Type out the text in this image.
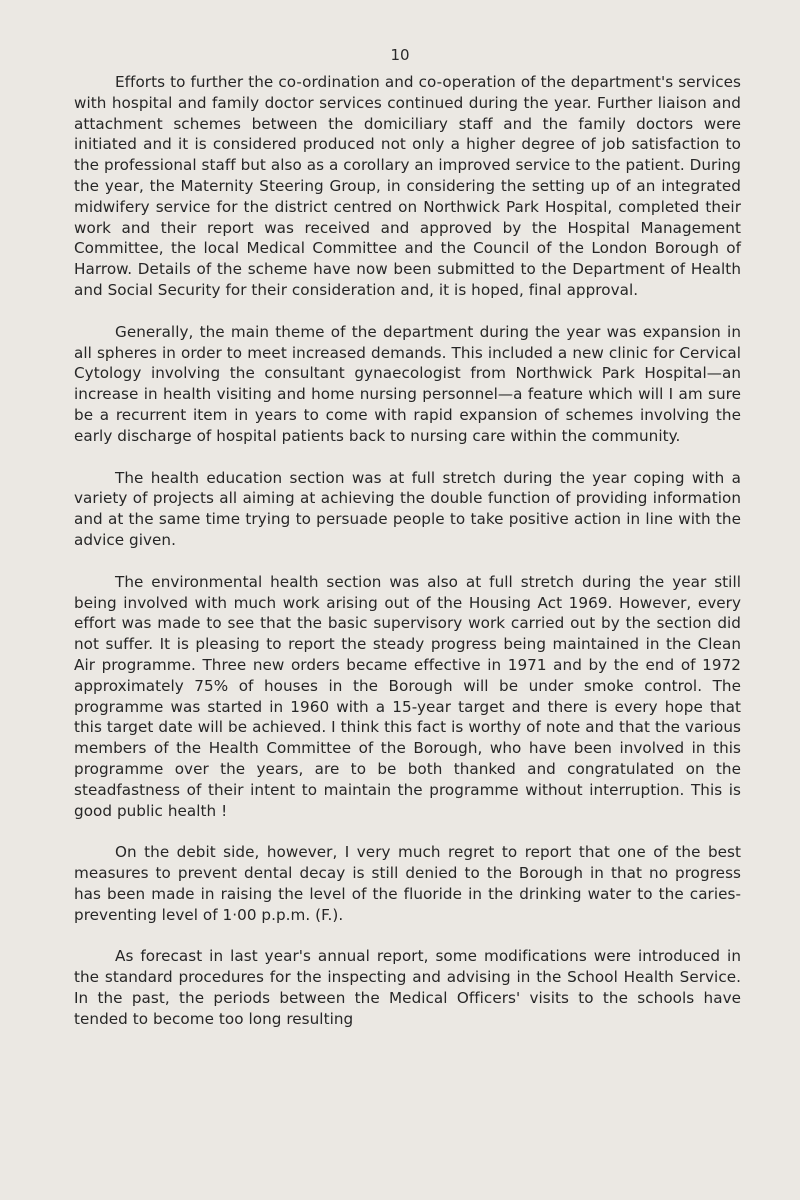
10

Efforts to further the co-ordination and co-operation of the department's services with hospital and family doctor services continued during the year. Further liaison and attachment schemes between the domiciliary staff and the family doctors were initiated and it is considered produced not only a higher degree of job satisfaction to the professional staff but also as a corollary an improved service to the patient. During the year, the Maternity Steering Group, in considering the setting up of an integrated midwifery service for the district centred on Northwick Park Hospital, completed their work and their report was received and approved by the Hospital Management Committee, the local Medical Committee and the Council of the London Borough of Harrow. Details of the scheme have now been submitted to the Department of Health and Social Security for their consideration and, it is hoped, final approval.

Generally, the main theme of the department during the year was expansion in all spheres in order to meet increased demands. This included a new clinic for Cervical Cytology involving the consultant gynaecologist from Northwick Park Hospital—an increase in health visiting and home nursing personnel—a feature which will I am sure be a recurrent item in years to come with rapid expansion of schemes involving the early discharge of hospital patients back to nursing care within the community.

The health education section was at full stretch during the year coping with a variety of projects all aiming at achieving the double function of providing information and at the same time trying to persuade people to take positive action in line with the advice given.

The environmental health section was also at full stretch during the year still being involved with much work arising out of the Housing Act 1969. However, every effort was made to see that the basic supervisory work carried out by the section did not suffer. It is pleasing to report the steady progress being maintained in the Clean Air programme. Three new orders became effective in 1971 and by the end of 1972 approximately 75% of houses in the Borough will be under smoke control. The programme was started in 1960 with a 15-year target and there is every hope that this target date will be achieved. I think this fact is worthy of note and that the various members of the Health Committee of the Borough, who have been involved in this programme over the years, are to be both thanked and congratulated on the steadfastness of their intent to maintain the programme without interruption. This is good public health !

On the debit side, however, I very much regret to report that one of the best measures to prevent dental decay is still denied to the Borough in that no progress has been made in raising the level of the fluoride in the drinking water to the caries-preventing level of 1·00 p.p.m. (F.).

As forecast in last year's annual report, some modifications were introduced in the standard procedures for the inspecting and advising in the School Health Service. In the past, the periods between the Medical Officers' visits to the schools have tended to become too long resulting
